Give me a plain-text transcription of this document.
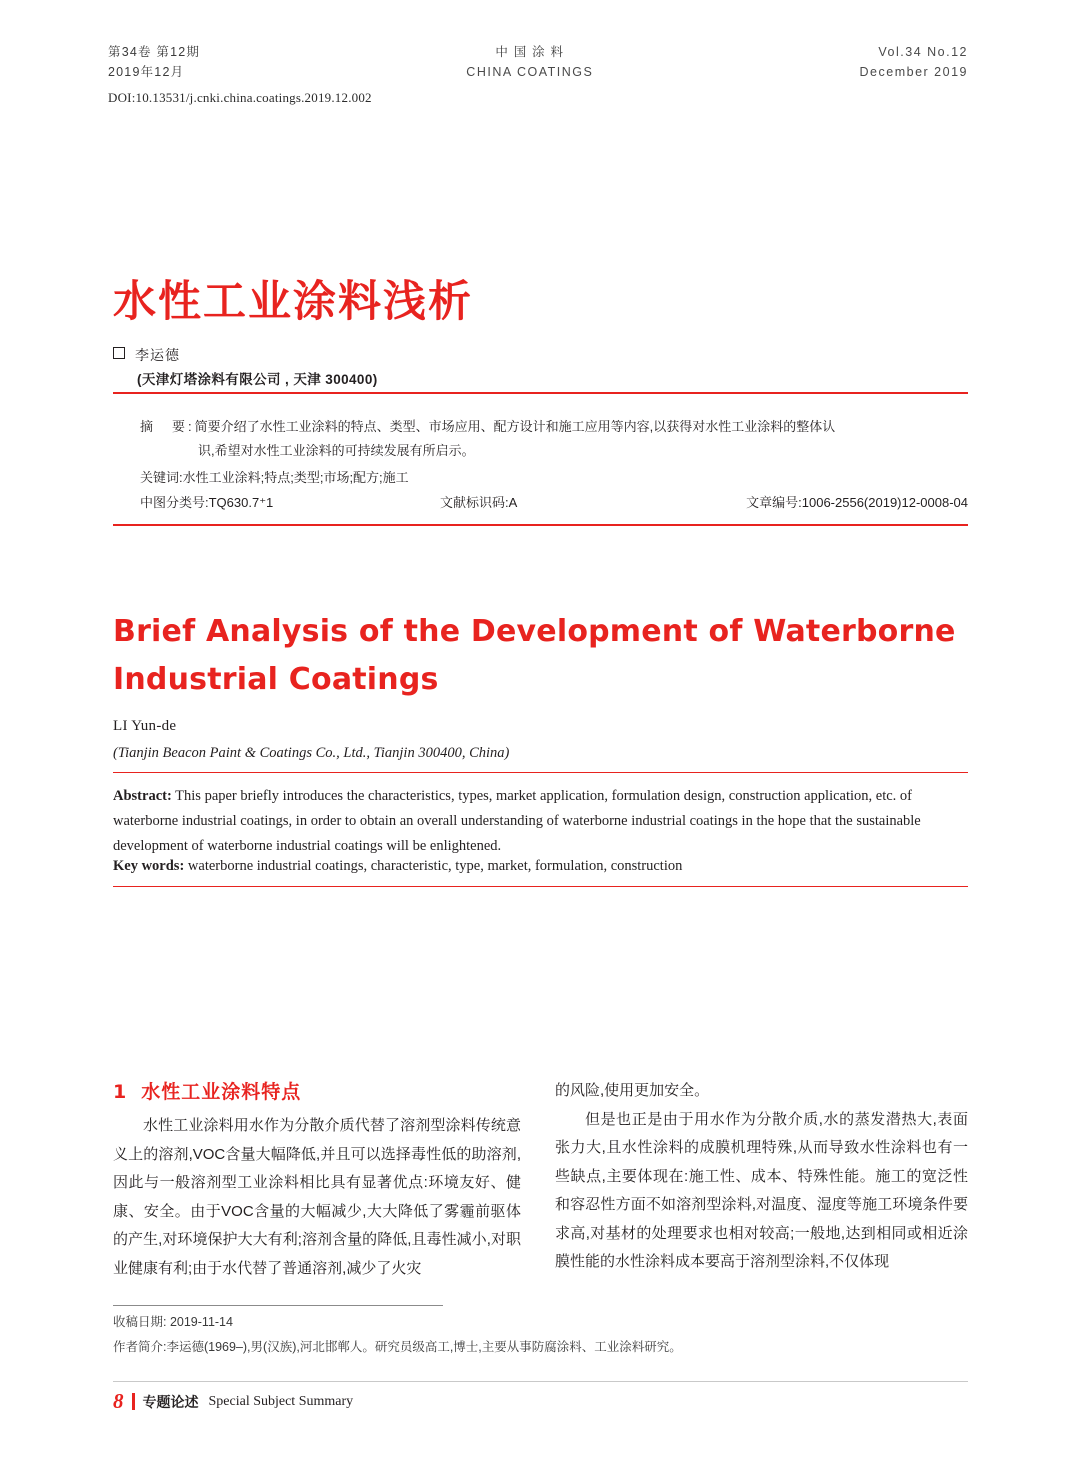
第34卷 第12期
2019年12月
中 国 涂 料
CHINA COATINGS
Vol.34 No.12
December 2019
DOI:10.13531/j.cnki.china.coatings.2019.12.002
水性工业涂料浅析
李运德
(天津灯塔涂料有限公司 , 天津 300400)
摘　要:简要介绍了水性工业涂料的特点、类型、市场应用、配方设计和施工应用等内容,以获得对水性工业涂料的整体认
识,希望对水性工业涂料的可持续发展有所启示。
关键词:水性工业涂料;特点;类型;市场;配方;施工
中图分类号:TQ630.7⁺1	文献标识码:A	文章编号:1006-2556(2019)12-0008-04
Brief Analysis of the Development of Waterborne Industrial Coatings
LI Yun-de
(Tianjin Beacon Paint & Coatings Co., Ltd., Tianjin 300400, China)
Abstract: This paper briefly introduces the characteristics, types, market application, formulation design, construction application, etc. of waterborne industrial coatings, in order to obtain an overall understanding of waterborne industrial coatings in the hope that the sustainable development of waterborne industrial coatings will be enlightened.
Key words: waterborne industrial coatings, characteristic, type, market, formulation, construction
1 水性工业涂料特点

水性工业涂料用水作为分散介质代替了溶剂型涂料传统意义上的溶剂,VOC含量大幅降低,并且可以选择毒性低的助溶剂,因此与一般溶剂型工业涂料相比具有显著优点:环境友好、健康、安全。由于VOC含量的大幅减少,大大降低了雾霾前驱体的产生,对环境保护大大有利;溶剂含量的降低,且毒性减小,对职业健康有利;由于水代替了普通溶剂,减少了火灾

的风险,使用更加安全。

但是也正是由于用水作为分散介质,水的蒸发潜热大,表面张力大,且水性涂料的成膜机理特殊,从而导致水性涂料也有一些缺点,主要体现在:施工性、成本、特殊性能。施工的宽泛性和容忍性方面不如溶剂型涂料,对温度、湿度等施工环境条件要求高,对基材的处理要求也相对较高;一般地,达到相同或相近涂膜性能的水性涂料成本要高于溶剂型涂料,不仅体现

收稿日期: 2019-11-14
作者简介:李运德(1969–),男(汉族),河北邯郸人。研究员级高工,博士,主要从事防腐涂料、工业涂料研究。
8 专题论述 Special Subject Summary
